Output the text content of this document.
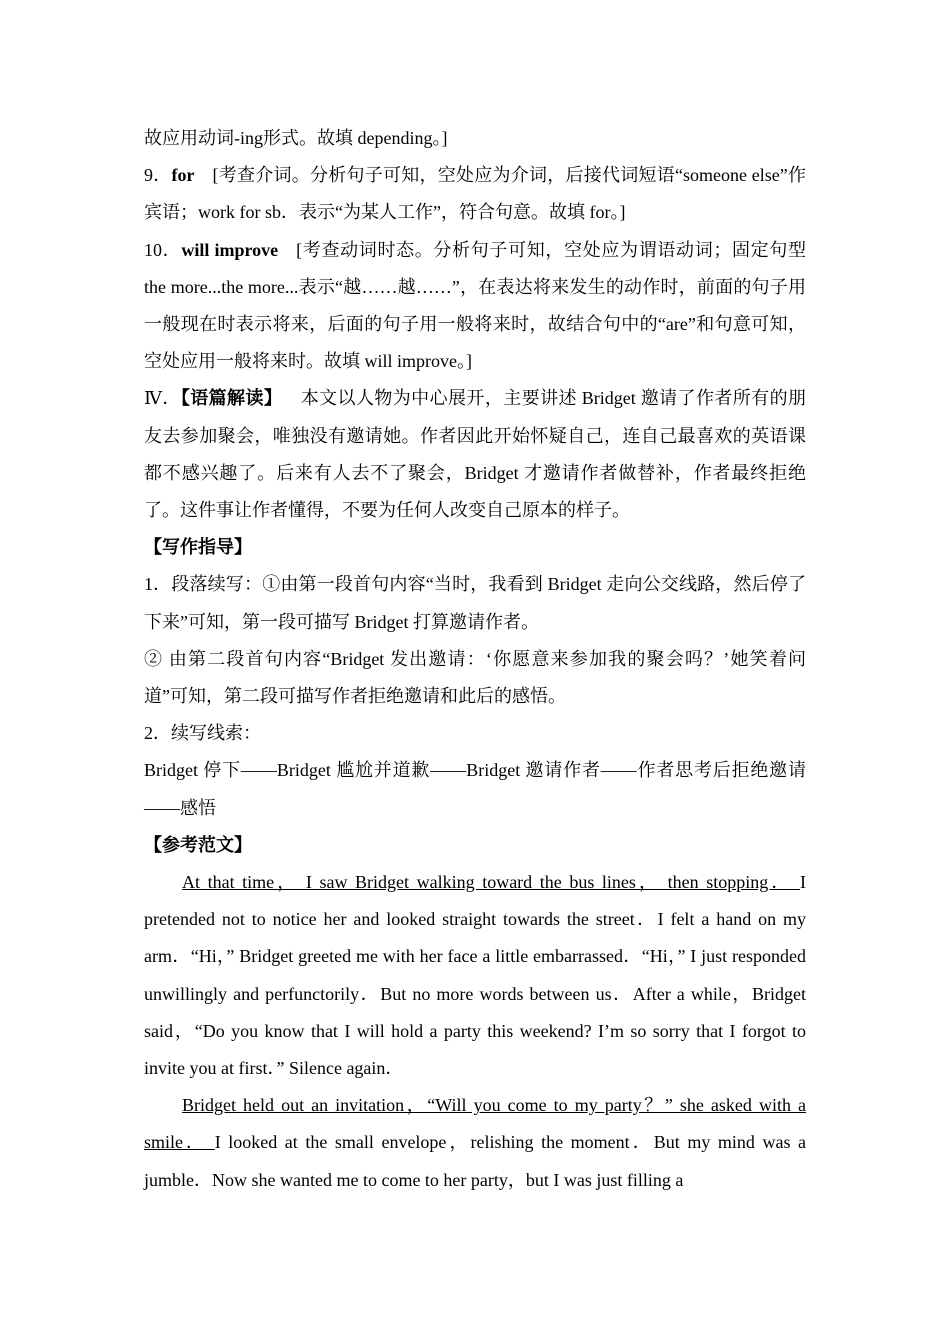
故应用动词-ing形式。故填 depending。]

9．for [考查介词。分析句子可知，空处应为介词，后接代词短语“someone else”作宾语；work for sb．表示“为某人工作”，符合句意。故填 for。]

10．will improve [考查动词时态。分析句子可知，空处应为谓语动词；固定句型 the more...the more...表示“越……越……”，在表达将来发生的动作时，前面的句子用一般现在时表示将来，后面的句子用一般将来时，故结合句中的“are”和句意可知，空处应用一般将来时。故填 will improve。]

Ⅳ．【语篇解读】 本文以人物为中心展开，主要讲述 Bridget 邀请了作者所有的朋友去参加聚会，唯独没有邀请她。作者因此开始怀疑自己，连自己最喜欢的英语课都不感兴趣了。后来有人去不了聚会，Bridget 才邀请作者做替补，作者最终拒绝了。这件事让作者懂得，不要为任何人改变自己原本的样子。

【写作指导】

1．段落续写：①由第一段首句内容“当时，我看到 Bridget 走向公交线路，然后停了下来”可知，第一段可描写 Bridget 打算邀请作者。

② 由第二段首句内容“Bridget 发出邀请：‘你愿意来参加我的聚会吗？’她笑着问道”可知，第二段可描写作者拒绝邀请和此后的感悟。

2．续写线索：

Bridget 停下——Bridget 尴尬并道歉——Bridget 邀请作者——作者思考后拒绝邀请——感悟

【参考范文】

At that time， I saw Bridget walking toward the bus lines， then stopping． I pretended not to notice her and looked straight towards the street．I felt a hand on my arm．“Hi，” Bridget greeted me with her face a little embarrassed．“Hi，” I just responded unwillingly and perfunctorily．But no more words between us．After a while，Bridget said，“Do you know that I will hold a party this weekend? I’m so sorry that I forgot to invite you at first．” Silence again．

Bridget held out an invitation，“Will you come to my party？” she asked with a smile． I looked at the small envelope，relishing the moment．But my mind was a jumble．Now she wanted me to come to her party，but I was just filling a
